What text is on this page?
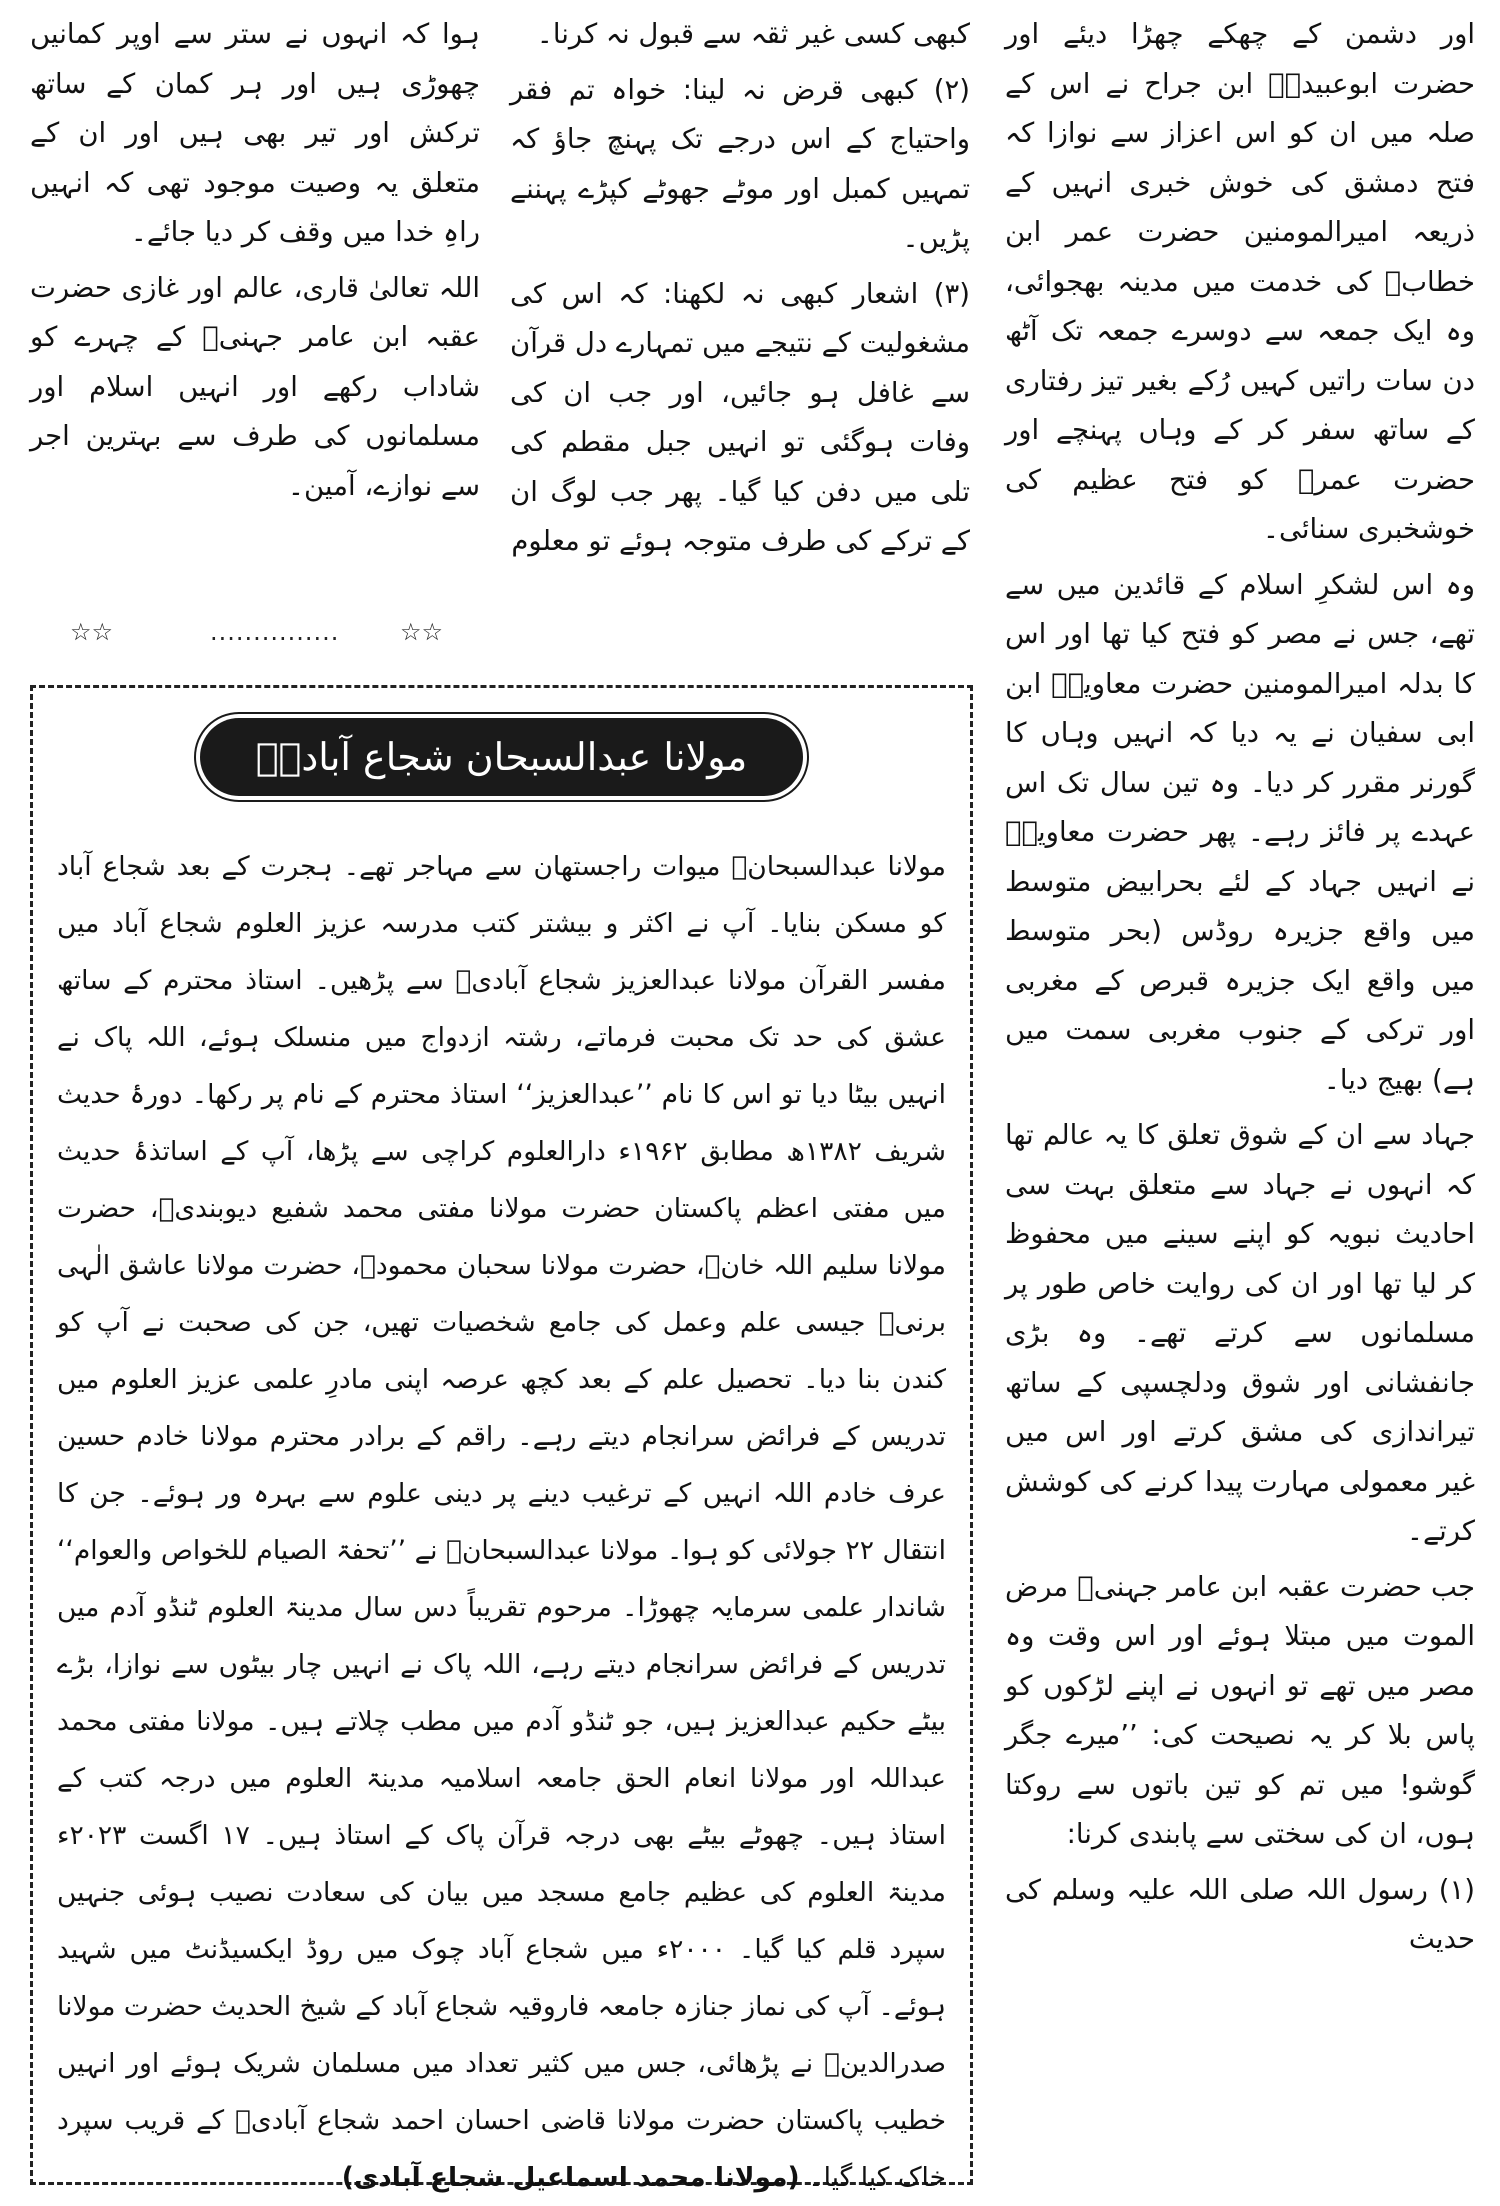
اور دشمن کے چھکے چھڑا دیئے اور حضرت ابوعبیدہؓ ابن جراح نے اس کے صلہ میں ان کو اس اعزاز سے نوازا کہ فتح دمشق کی خوش خبری انہیں کے ذریعہ امیرالمومنین حضرت عمر ابن خطابؓ کی خدمت میں مدینہ بھجوائی، وہ ایک جمعہ سے دوسرے جمعہ تک آٹھ دن سات راتیں کہیں رُکے بغیر تیز رفتاری کے ساتھ سفر کر کے وہاں پہنچے اور حضرت عمرؓ کو فتح عظیم کی خوشخبری سنائی۔

وہ اس لشکرِ اسلام کے قائدین میں سے تھے، جس نے مصر کو فتح کیا تھا اور اس کا بدلہ امیرالمومنین حضرت معاویہؓ ابن ابی سفیان نے یہ دیا کہ انہیں وہاں کا گورنر مقرر کر دیا۔ وہ تین سال تک اس عہدے پر فائز رہے۔ پھر حضرت معاویہؓ نے انہیں جہاد کے لئے بحرابیض متوسط میں واقع جزیرہ روڈس (بحر متوسط میں واقع ایک جزیرہ قبرص کے مغربی اور ترکی کے جنوب مغربی سمت میں ہے) بھیج دیا۔

جہاد سے ان کے شوق تعلق کا یہ عالم تھا کہ انہوں نے جہاد سے متعلق بہت سی احادیث نبویہ کو اپنے سینے میں محفوظ کر لیا تھا اور ان کی روایت خاص طور پر مسلمانوں سے کرتے تھے۔ وہ بڑی جانفشانی اور شوق ودلچسپی کے ساتھ تیراندازی کی مشق کرتے اور اس میں غیر معمولی مہارت پیدا کرنے کی کوشش کرتے۔

جب حضرت عقبہ ابن عامر جہنیؓ مرض الموت میں مبتلا ہوئے اور اس وقت وہ مصر میں تھے تو انہوں نے اپنے لڑکوں کو پاس بلا کر یہ نصیحت کی: ’’میرے جگر گوشو! میں تم کو تین باتوں سے روکتا ہوں، ان کی سختی سے پابندی کرنا:

(۱) رسول اللہ صلی اللہ علیہ وسلم کی حدیث

کبھی کسی غیر ثقہ سے قبول نہ کرنا۔

(۲) کبھی قرض نہ لینا: خواہ تم فقر واحتیاج کے اس درجے تک پہنچ جاؤ کہ تمہیں کمبل اور موٹے جھوٹے کپڑے پہننے پڑیں۔

(۳) اشعار کبھی نہ لکھنا: کہ اس کی مشغولیت کے نتیجے میں تمہارے دل قرآن سے غافل ہو جائیں، اور جب ان کی وفات ہوگئی تو انہیں جبل مقطم کی تلی میں دفن کیا گیا۔ پھر جب لوگ ان کے ترکے کی طرف متوجہ ہوئے تو معلوم

ہوا کہ انہوں نے ستر سے اوپر کمانیں چھوڑی ہیں اور ہر کمان کے ساتھ ترکش اور تیر بھی ہیں اور ان کے متعلق یہ وصیت موجود تھی کہ انہیں راہِ خدا میں وقف کر دیا جائے۔

اللہ تعالیٰ قاری، عالم اور غازی حضرت عقبہ ابن عامر جہنیؓ کے چہرے کو شاداب رکھے اور انہیں اسلام اور مسلمانوں کی طرف سے بہترین اجر سے نوازے، آمین۔

☆☆	...............	☆☆
مولانا عبدالسبحان شجاع آبادیؒ

مولانا عبدالسبحانؒ میوات راجستھان سے مہاجر تھے۔ ہجرت کے بعد شجاع آباد کو مسکن بنایا۔ آپ نے اکثر و بیشتر کتب مدرسہ عزیز العلوم شجاع آباد میں مفسر القرآن مولانا عبدالعزیز شجاع آبادیؒ سے پڑھیں۔ استاذ محترم کے ساتھ عشق کی حد تک محبت فرماتے، رشتہ ازدواج میں منسلک ہوئے، اللہ پاک نے انہیں بیٹا دیا تو اس کا نام ’’عبدالعزیز‘‘ استاذ محترم کے نام پر رکھا۔ دورۂ حدیث شریف ۱۳۸۲ھ مطابق ۱۹۶۲ء دارالعلوم کراچی سے پڑھا، آپ کے اساتذۂ حدیث میں مفتی اعظم پاکستان حضرت مولانا مفتی محمد شفیع دیوبندیؒ، حضرت مولانا سلیم اللہ خانؒ، حضرت مولانا سحبان محمودؒ، حضرت مولانا عاشق الٰہی برنیؒ جیسی علم وعمل کی جامع شخصیات تھیں، جن کی صحبت نے آپ کو کندن بنا دیا۔ تحصیل علم کے بعد کچھ عرصہ اپنی مادرِ علمی عزیز العلوم میں تدریس کے فرائض سرانجام دیتے رہے۔ راقم کے برادر محترم مولانا خادم حسین عرف خادم اللہ انہیں کے ترغیب دینے پر دینی علوم سے بہرہ ور ہوئے۔ جن کا انتقال ۲۲ جولائی کو ہوا۔ مولانا عبدالسبحانؒ نے ’’تحفۃ الصیام للخواص والعوام‘‘ شاندار علمی سرمایہ چھوڑا۔ مرحوم تقریباً دس سال مدینۃ العلوم ٹنڈو آدم میں تدریس کے فرائض سرانجام دیتے رہے، اللہ پاک نے انہیں چار بیٹوں سے نوازا، بڑے بیٹے حکیم عبدالعزیز ہیں، جو ٹنڈو آدم میں مطب چلاتے ہیں۔ مولانا مفتی محمد عبداللہ اور مولانا انعام الحق جامعہ اسلامیہ مدینۃ العلوم میں درجہ کتب کے استاذ ہیں۔ چھوٹے بیٹے بھی درجہ قرآن پاک کے استاذ ہیں۔ ۱۷ اگست ۲۰۲۳ء مدینۃ العلوم کی عظیم جامع مسجد میں بیان کی سعادت نصیب ہوئی جنہیں سپرد قلم کیا گیا۔ ۲۰۰۰ء میں شجاع آباد چوک میں روڈ ایکسیڈنٹ میں شہید ہوئے۔ آپ کی نماز جنازہ جامعہ فاروقیہ شجاع آباد کے شیخ الحدیث حضرت مولانا صدرالدینؒ نے پڑھائی، جس میں کثیر تعداد میں مسلمان شریک ہوئے اور انہیں خطیب پاکستان حضرت مولانا قاضی احسان احمد شجاع آبادیؒ کے قریب سپرد خاک کیا گیا۔ (مولانا محمد اسماعیل شجاع آبادی)
